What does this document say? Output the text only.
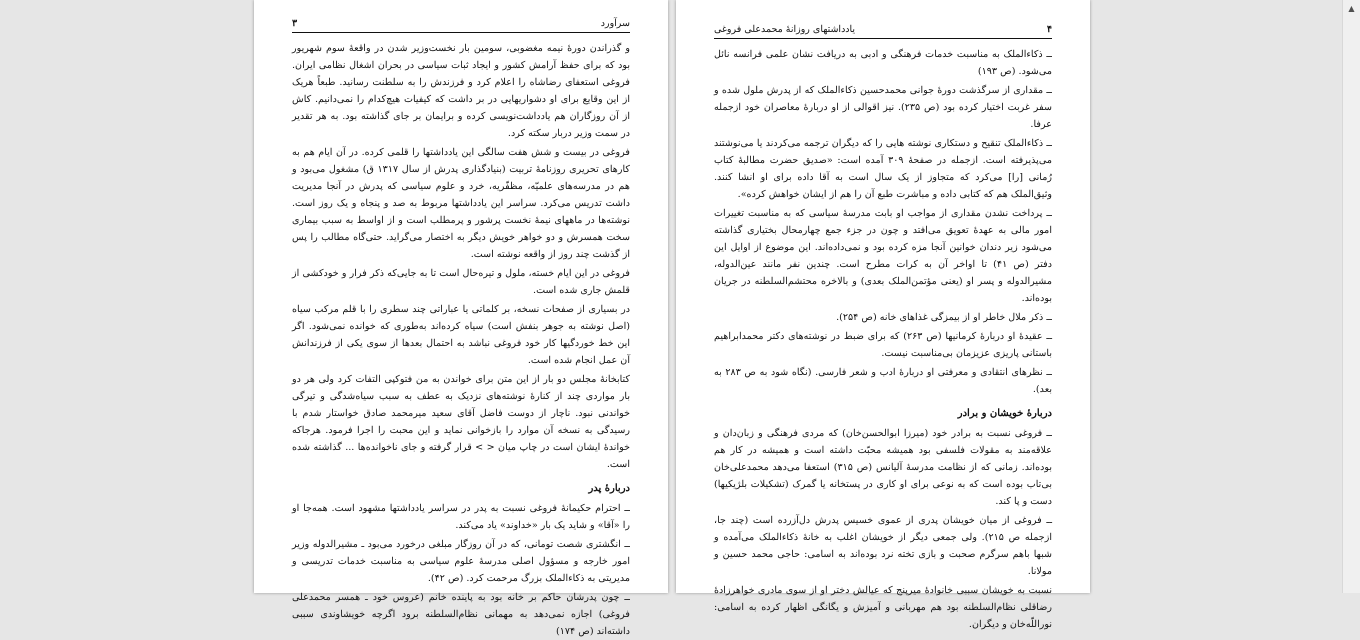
سرآورد
۳

و گذراندن دورهٔ نیمه مغضوبی، سومین بار نخست‌وزیر شدن در واقعهٔ سوم شهریور بود که برای حفظ آرامش کشور و ایجاد ثبات سیاسی در بحران اشغال نظامی ایران. فروغی استعفای رضاشاه را اعلام کرد و فرزندش را به سلطنت رسانید. طبعاً هریک از این وقایع برای او دشواریهایی در بر داشت که کیفیات هیچ‌کدام را نمی‌دانیم. کاش از آن روزگاران هم یادداشت‌نویسی کرده و برایمان بر جای گذاشته بود. به هر تقدیر در سمت وزیر دربار سکته کرد.

فروغی در بیست و شش هفت سالگی این یادداشتها را قلمی کرده. در آن ایام هم به کارهای تحریری روزنامهٔ تربیت (بنیادگذاری پدرش از سال ۱۳۱۷ ق) مشغول می‌بود و هم در مدرسه‌های علمیّه، مظفّریه، خرد و علوم سیاسی که پدرش در آنجا مدیریت داشت تدریس می‌کرد. سراسر این یادداشتها مربوط به صد و پنجاه و یک روز است. نوشته‌ها در ماههای نیمهٔ نخست پرشور و پرمطلب است و از اواسط به سبب بیماری سخت همسرش و دو خواهر خویش دیگر به اختصار می‌گراید. حتی‌گاه مطالب را پس از گذشت چند روز از واقعه نوشته است.

فروغی در این ایام خسته، ملول و تیره‌حال است تا به جایی‌که ذکر فرار و خودکشی از قلمش جاری شده است.

در بسیاری از صفحات نسخه، بر کلماتی یا عباراتی چند سطری را با قلم مرکب سیاه (اصل نوشته به جوهر بنفش است) سیاه کرده‌اند به‌طوری که خوانده نمی‌شود. اگر این خط خوردگیها کار خود فروغی نباشد به احتمال بعدها از سوی یکی از فرزندانش آن عمل انجام شده است.

کتابخانهٔ مجلس دو بار از این متن برای خواندن به من فتوکپی التفات کرد ولی هر دو بار مواردی چند از کنارهٔ نوشته‌های نزدیک به عطف به سبب سیاه‌شدگی و تیرگی خواندنی نبود. ناچار از دوست فاضل آقای سعید میرمحمد صادق خواستار شدم با رسیدگی به نسخه آن موارد را بازخوانی نماید و این محبت را اجرا فرمود. هرجاکه خواندهٔ ایشان است در چاپ میان < > قرار گرفته و جای ناخوانده‌ها ... گذاشته شده است.

دربارهٔ پدر

ــ احترام حکیمانهٔ فروغی نسبت به پدر در سراسر یادداشتها مشهود است. همه‌جا او را «آقا» و شاید یک بار «خداوند» یاد می‌کند.

ــ انگشتری شصت تومانی، که در آن روزگار مبلغی درخورد می‌بود ـ مشیرالدوله وزیر امور خارجه و مسؤول اصلی مدرسهٔ علوم سیاسی به مناسبت خدمات تدریسی و مدیریتی به ذکاءالملک بزرگ مرحمت کرد. (ص ۴۲).

ــ چون پدرشان حاکم بر خانه بود به پاینده خانم (عروس خود ـ همسر محمدعلی فروغی) اجازه نمی‌دهد به مهمانی نظام‌السلطنه برود اگرچه خویشاوندی سببی داشته‌اند (ص ۱۷۴)

۴
یادداشتهای روزانهٔ محمدعلی فروغی

ــ ذکاءالملک به مناسبت خدمات فرهنگی و ادبی به دریافت نشان علمی فرانسه نائل می‌شود. (ص ۱۹۳)

ــ مقداری از سرگذشت دورهٔ جوانی محمدحسین ذکاءالملک که از پدرش ملول شده و سفر غربت اختیار کرده بود (ص ۲۳۵). نیز اقوالی از او دربارهٔ معاصران خود ازجمله عرفا.

ــ ذکاءالملک تنقیح و دستکاری نوشته هایی را که دیگران ترجمه می‌کردند یا می‌نوشتند می‌پذیرفته است. ازجمله در صفحهٔ ۳۰۹ آمده است: «صدیق حضرت مطالبهٔ کتاب رُمانی [را] می‌کرد که متجاوز از یک سال است به آقا داده برای او انشا کنند. وثیق‌الملک هم که کتابی داده و مباشرت طبع آن را هم از ایشان خواهش کرده».

ــ پرداخت نشدن مقداری از مواجب او بابت مدرسهٔ سیاسی که به مناسبت تغییرات امور مالی به عهدهٔ تعویق می‌افتد و چون در جزء جمع چهارمحال بختیاری گذاشته می‌شود زیر دندان خوانین آنجا مزه کرده بود و نمی‌داده‌اند. این موضوع از اوایل این دفتر (ص ۴۱) تا اواخر آن به کرات مطرح است. چندین نفر مانند عین‌الدوله، مشیرالدوله و پسر او (یعنی مؤتمن‌الملک بعدی) و بالاخره محتشم‌السلطنه در جریان بوده‌اند.

ــ ذکر ملال خاطر او از بیمزگی غذاهای خانه (ص ۲۵۴).

ــ عقیدهٔ او دربارهٔ کرمانیها (ص ۲۶۳) که برای ضبط در نوشته‌های دکتر محمدابراهیم باستانی پاریزی عزیزمان بی‌مناسبت نیست.

ــ نظرهای انتقادی و معرفتی او دربارهٔ ادب و شعر فارسی. (نگاه شود به ص ۲۸۳ به بعد).

دربارهٔ خویشان و برادر

ــ فروغی نسبت به برادر خود (میرزا ابوالحسن‌خان) که مردی فرهنگی و زبان‌دان و علاقه‌مند به مقولات فلسفی بود همیشه محبّت داشته است و همیشه در کار هم بوده‌اند. زمانی که از نظامت مدرسهٔ آلیانس (ص ۳۱۵) استعفا می‌دهد محمدعلی‌خان بی‌تاب بوده است که به نوعی برای او کاری در پستخانه یا گمرک (تشکیلات بلژیکیها) دست و پا کند.

ــ فروغی از میان خویشان پدری از عموی خسیس پدرش دل‌آزرده است (چند جا، ازجمله ص ۲۱۵). ولی جمعی دیگر از خویشان اغلب به خانهٔ ذکاءالملک می‌آمده و شبها باهم سرگرم صحبت و بازی تخته نرد بوده‌اند به اسامی: حاجی محمد حسین و مولانا.

نسبت به خویشان سببی خانوادهٔ میرپنج که عیالش دختر او از سوی مادری خواهرزادهٔ رضاقلی نظام‌السلطنه بود هم مهربانی و آمیزش و یگانگی اظهار کرده به اسامی: نوراللّه‌خان و دیگران.

▲
